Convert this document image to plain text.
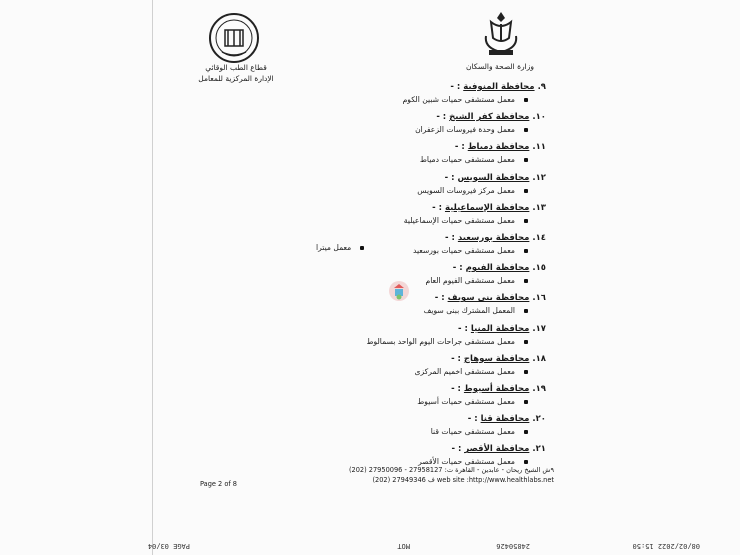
قطاع الطب الوقائي
الإدارة المركزية للمعامل
وزارة الصحة والسكان
٩.محافظة المنوفية : -
معمل مستشفى حميات شبين الكوم
١٠.محافظة كفر الشيخ : -
معمل وحدة فيروسات الزعفران
١١.محافظة دمياط : -
معمل مستشفى حميات دمياط
١٢.محافظة السويس : -
معمل مركز فيروسات السويس
١٣.محافظة الإسماعيلية : -
معمل مستشفى حميات الإسماعيلية
١٤.محافظة بورسعيد : -
معمل مستشفى حميات بورسعيد
١٥.محافظة الفيوم : -
معمل مستشفى الفيوم العام
١٦.محافظة بنى سويف : -
المعمل المشترك ببنى سويف
١٧.محافظة المنيا : -
معمل مستشفى جراحات اليوم الواحد بسمالوط
١٨.محافظة سوهاج : -
معمل مستشفى اخميم المركزى
١٩.محافظة أسيوط : -
معمل مستشفى حميات أسيوط
٢٠.محافظة قنا : -
معمل مستشفى حميات قنا
٢١.محافظة الأقصر : -
معمل مستشفى حميات الأقصر
معمل ميترا
٩ش الشيخ ريحان - عابدين - القاهرة ت: 27958127 - 27950096 (202)
(202) 27949346 ف web site :http://www.healthlabs.net
Page 2 of 8
08/02/2022 15:50
24850426
MOT
PAGE 03/04
